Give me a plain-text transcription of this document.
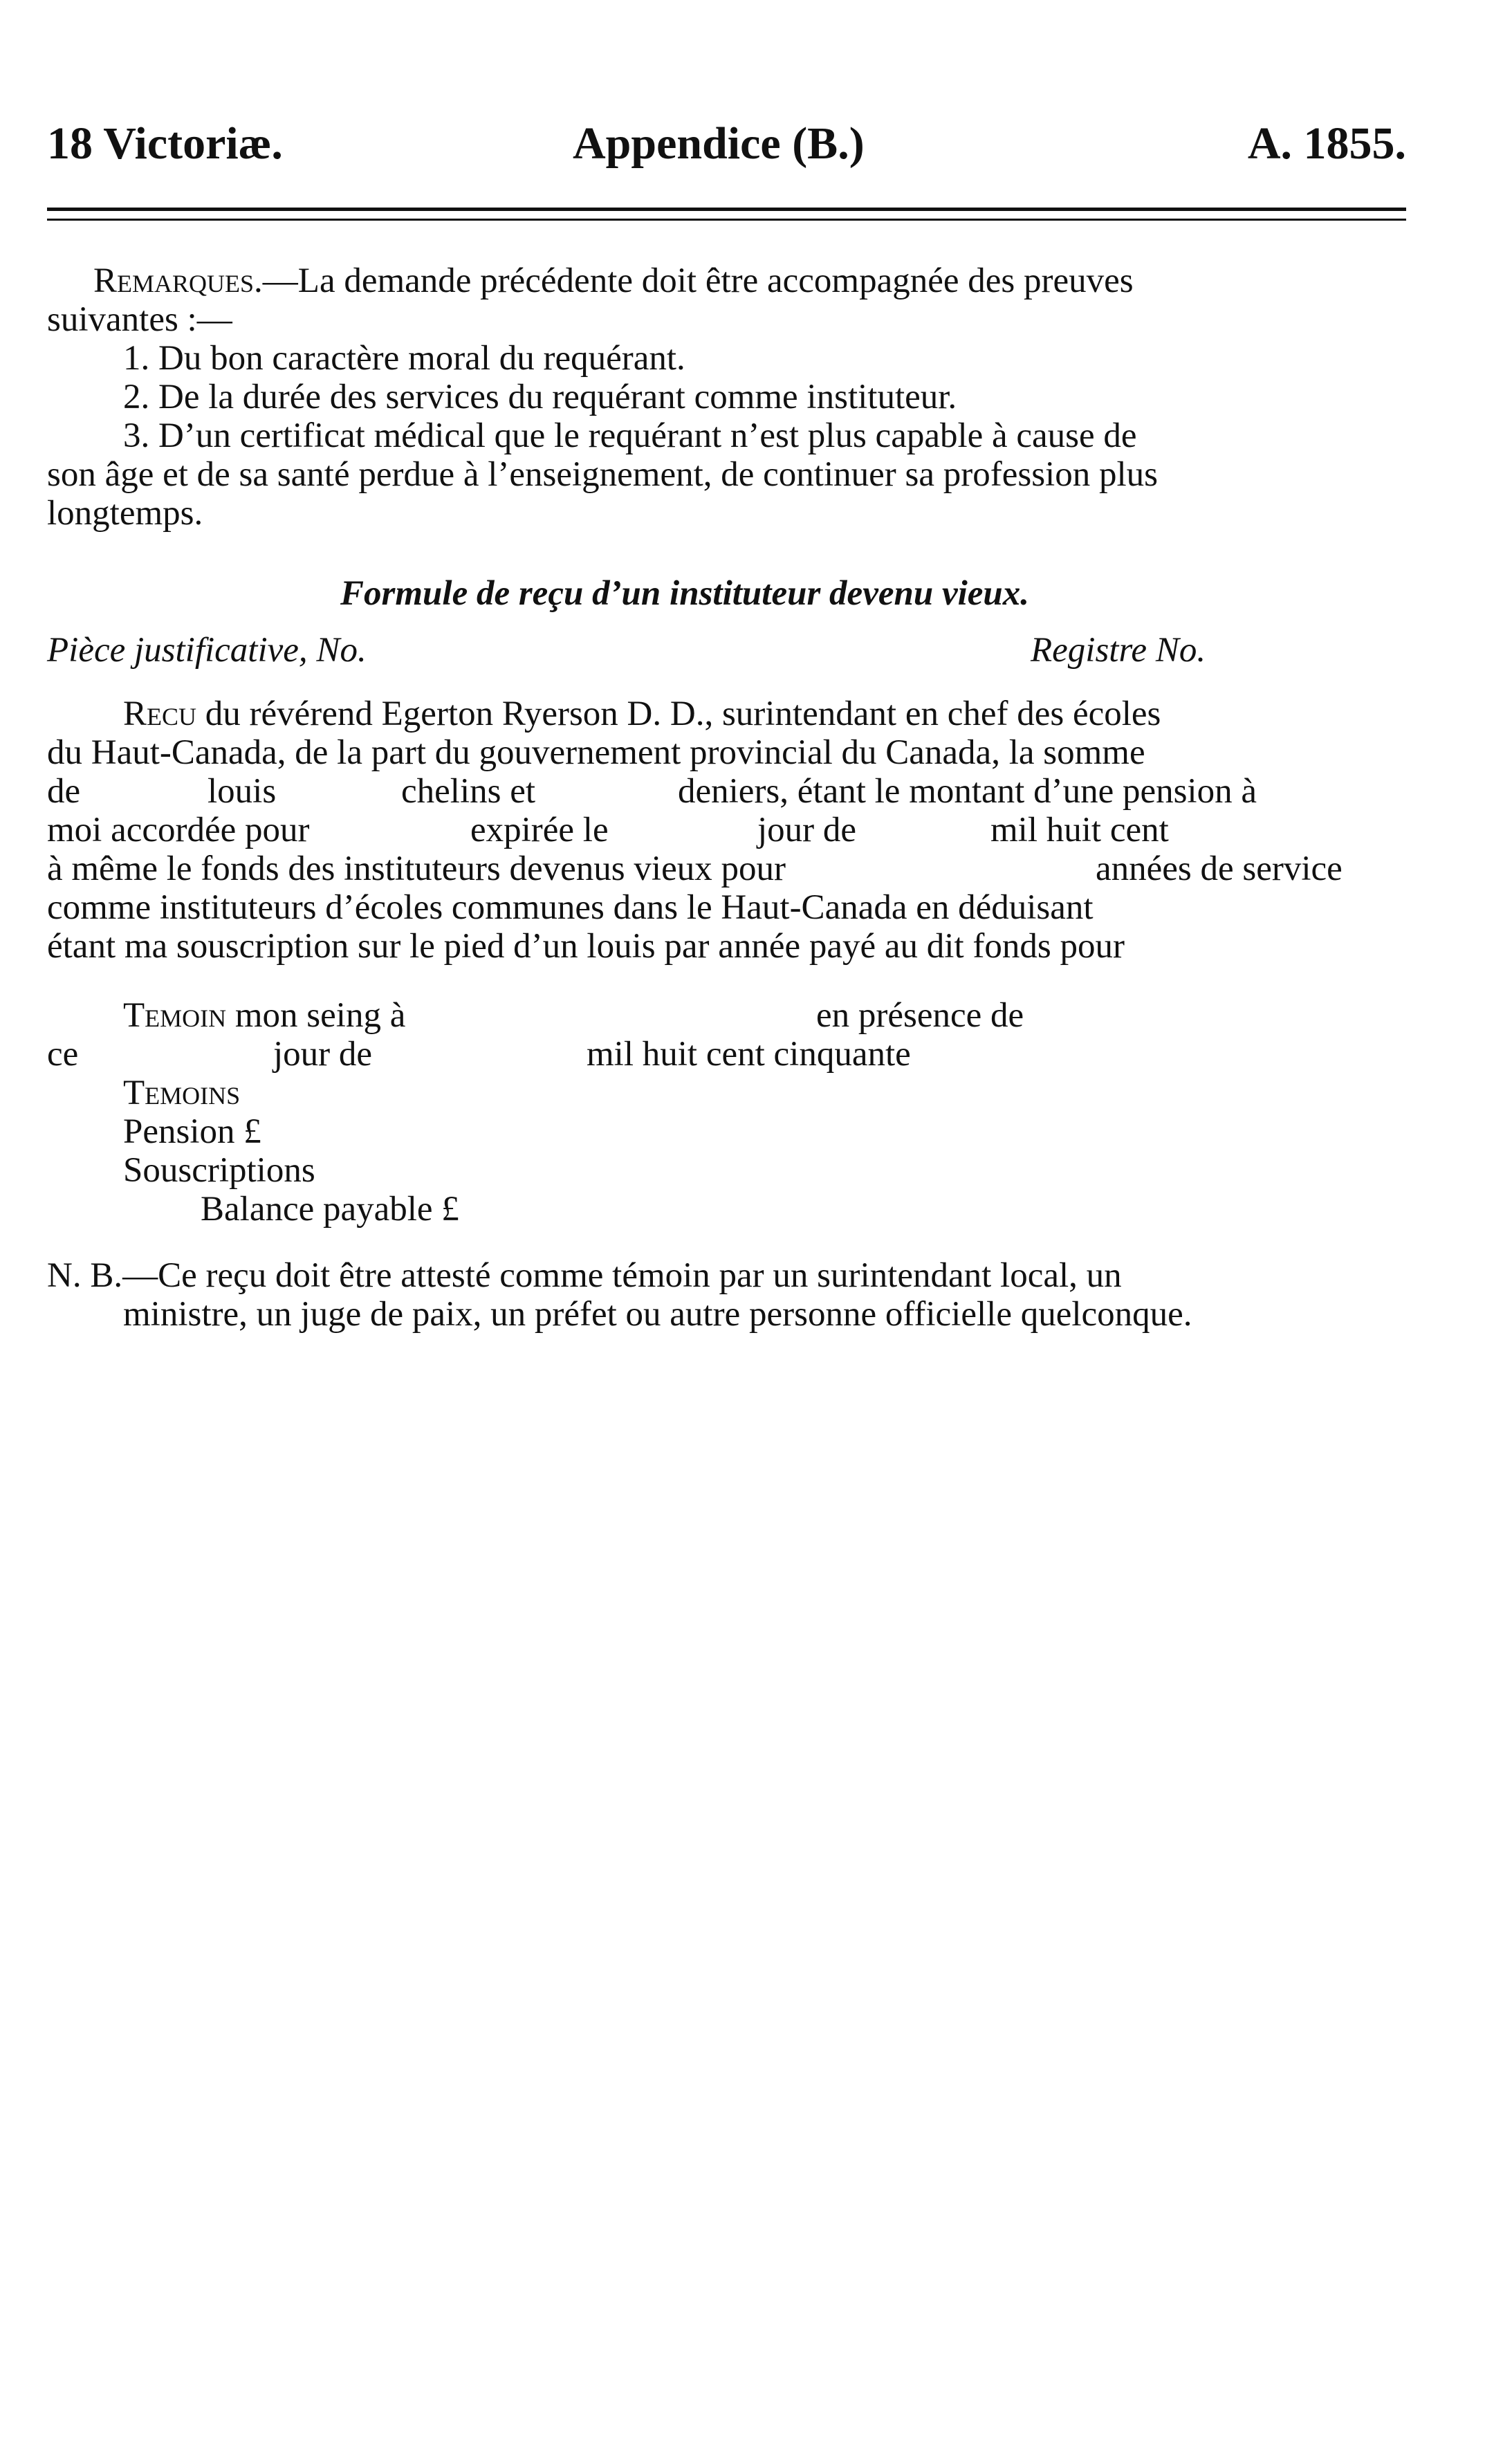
18 Victoriæ.	Appendice (B.)	A. 1855.
Remarques.—La demande précédente doit être accompagnée des preuves
suivantes :—
1. Du bon caractère moral du requérant.
2. De la durée des services du requérant comme instituteur.
3. D’un certificat médical que le requérant n’est plus capable à cause de
son âge et de sa santé perdue à l’enseignement, de continuer sa profession plus
longtemps.
Formule de reçu d’un instituteur devenu vieux.
Pièce justificative, No.	Registre No.
Recu du révérend Egerton Ryerson D. D., surintendant en chef des écoles
du Haut-Canada, de la part du gouvernement provincial du Canada, la somme
de	louis	chelins et	deniers, étant le montant d’une pension à
moi accordée pour	expirée le	jour de	mil huit cent
à même le fonds des instituteurs devenus vieux pour	années de service
comme instituteurs d’écoles communes dans le Haut-Canada en déduisant
étant ma souscription sur le pied d’un louis par année payé au dit fonds pour
Temoin mon seing à	en présence de
ce	jour de	mil huit cent cinquante
Temoins
Pension £
Souscriptions
Balance payable £
N. B.—Ce reçu doit être attesté comme témoin par un surintendant local, un
ministre, un juge de paix, un préfet ou autre personne officielle quelconque.
